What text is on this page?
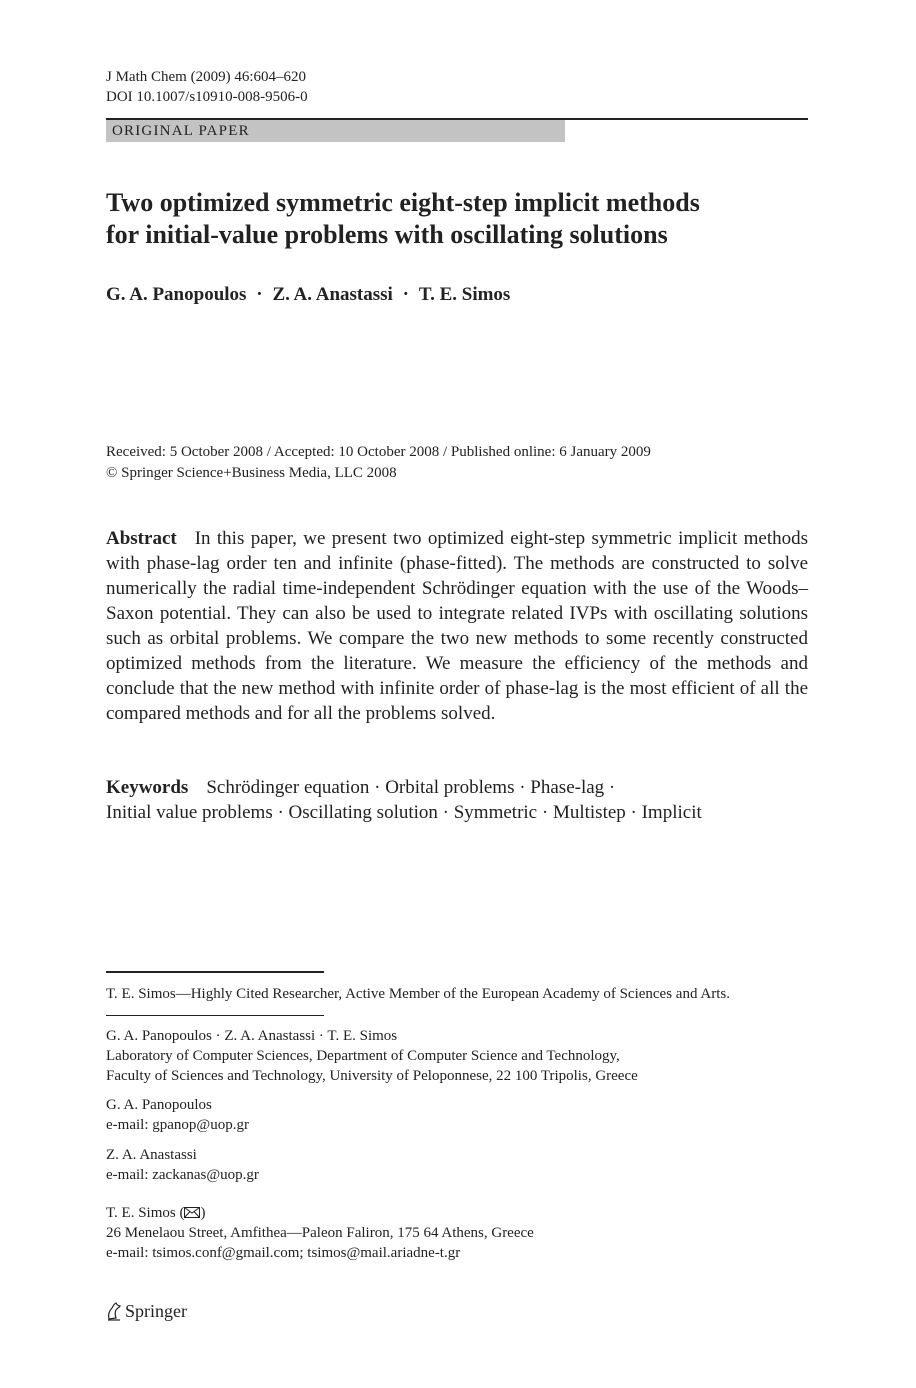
J Math Chem (2009) 46:604–620
DOI 10.1007/s10910-008-9506-0
ORIGINAL PAPER
Two optimized symmetric eight-step implicit methods
for initial-value problems with oscillating solutions
G. A. Panopoulos · Z. A. Anastassi · T. E. Simos
Received: 5 October 2008 / Accepted: 10 October 2008 / Published online: 6 January 2009
© Springer Science+Business Media, LLC 2008
Abstract In this paper, we present two optimized eight-step symmetric implicit methods with phase-lag order ten and infinite (phase-fitted). The methods are constructed to solve numerically the radial time-independent Schrödinger equation with the use of the Woods–Saxon potential. They can also be used to integrate related IVPs with oscillating solutions such as orbital problems. We compare the two new methods to some recently constructed optimized methods from the literature. We measure the efficiency of the methods and conclude that the new method with infinite order of phase-lag is the most efficient of all the compared methods and for all the problems solved.
Keywords Schrödinger equation · Orbital problems · Phase-lag ·
Initial value problems · Oscillating solution · Symmetric · Multistep · Implicit
T. E. Simos—Highly Cited Researcher, Active Member of the European Academy of Sciences and Arts.
G. A. Panopoulos · Z. A. Anastassi · T. E. Simos
Laboratory of Computer Sciences, Department of Computer Science and Technology,
Faculty of Sciences and Technology, University of Peloponnese, 22 100 Tripolis, Greece
G. A. Panopoulos
e-mail: gpanop@uop.gr
Z. A. Anastassi
e-mail: zackanas@uop.gr
T. E. Simos ( )
26 Menelaou Street, Amfithea—Paleon Faliron, 175 64 Athens, Greece
e-mail: tsimos.conf@gmail.com; tsimos@mail.ariadne-t.gr
Springer
